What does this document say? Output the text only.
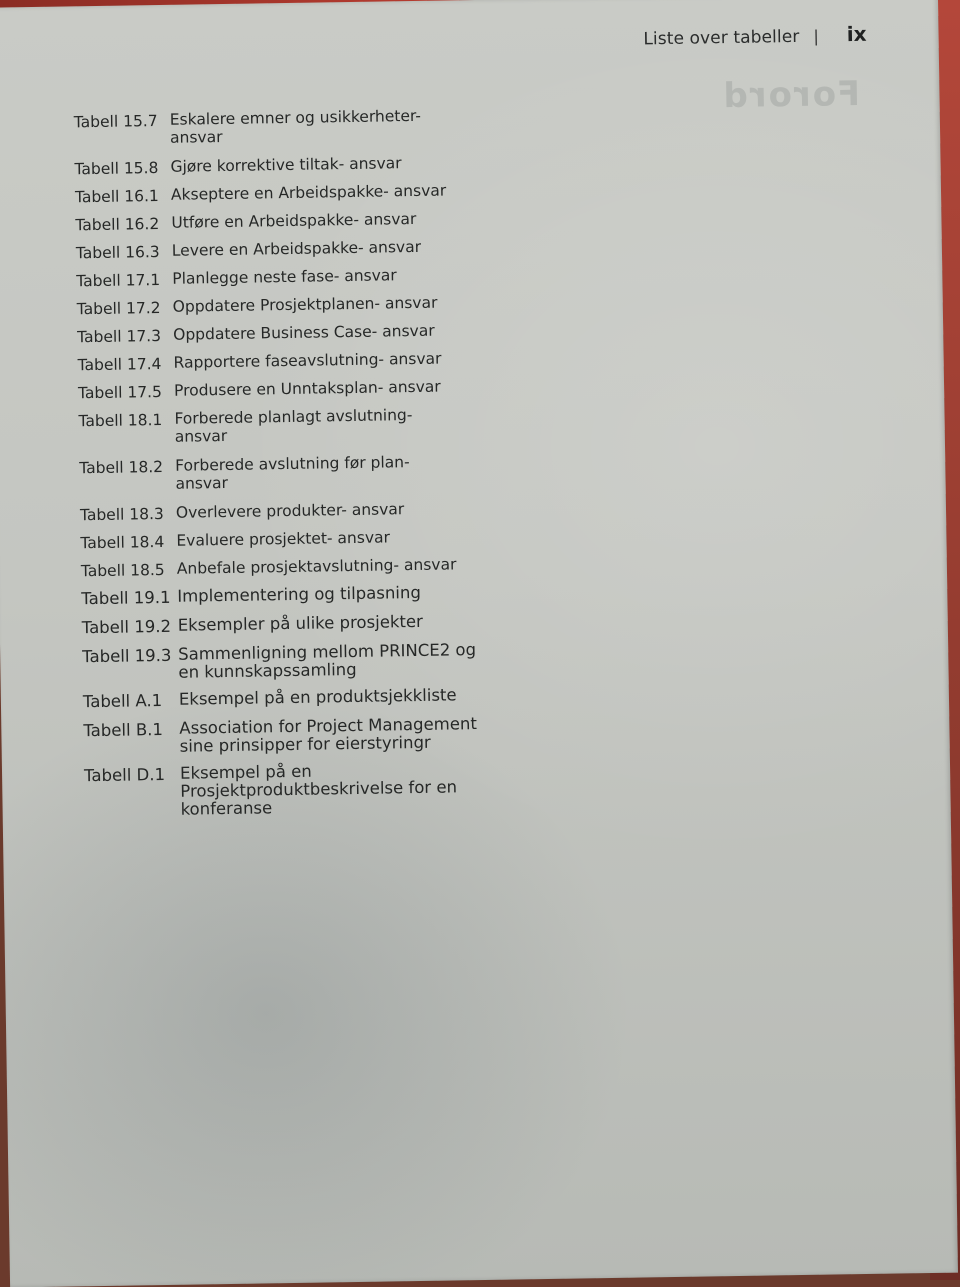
Liste over tabeller | ix
Forord
Tabell 15.7 Eskalere emner og usikkerheter-
ansvar
Tabell 15.8 Gjøre korrektive tiltak- ansvar
Tabell 16.1 Akseptere en Arbeidspakke- ansvar
Tabell 16.2 Utføre en Arbeidspakke- ansvar
Tabell 16.3 Levere en Arbeidspakke- ansvar
Tabell 17.1 Planlegge neste fase- ansvar
Tabell 17.2 Oppdatere Prosjektplanen- ansvar
Tabell 17.3 Oppdatere Business Case- ansvar
Tabell 17.4 Rapportere faseavslutning- ansvar
Tabell 17.5 Produsere en Unntaksplan- ansvar
Tabell 18.1 Forberede planlagt avslutning-
ansvar
Tabell 18.2 Forberede avslutning før plan-
ansvar
Tabell 18.3 Overlevere produkter- ansvar
Tabell 18.4 Evaluere prosjektet- ansvar
Tabell 18.5 Anbefale prosjektavslutning- ansvar
Tabell 19.1 Implementering og tilpasning
Tabell 19.2 Eksempler på ulike prosjekter
Tabell 19.3 Sammenligning mellom PRINCE2 og
en kunnskapssamling
Tabell A.1 Eksempel på en produktsjekkliste
Tabell B.1 Association for Project Management
sine prinsipper for eierstyringr
Tabell D.1 Eksempel på en
Prosjektproduktbeskrivelse for en
konferanse
